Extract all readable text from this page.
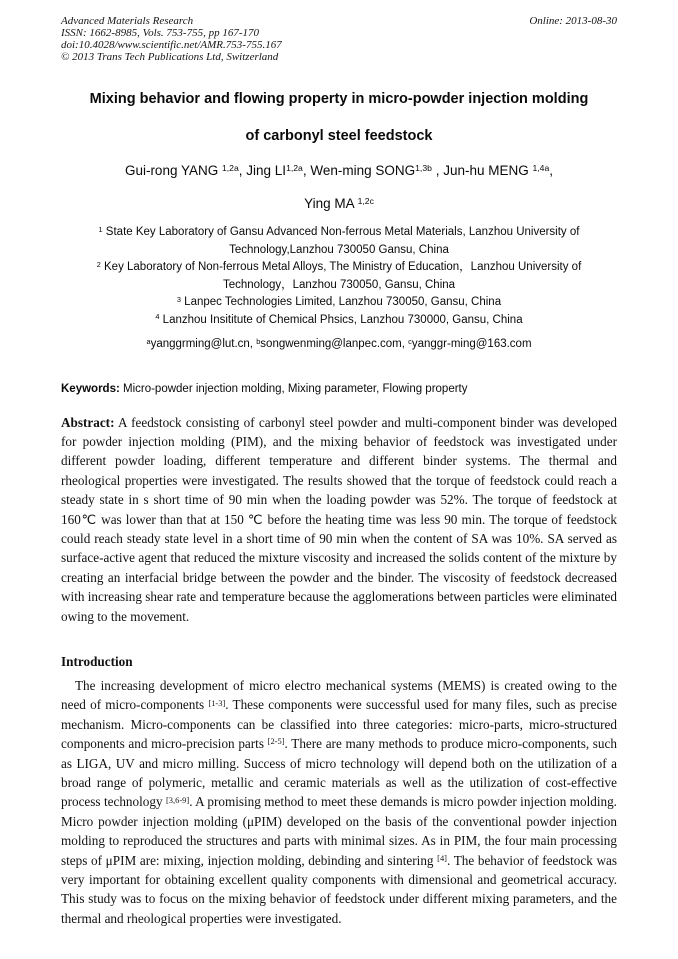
Advanced Materials Research
ISSN: 1662-8985, Vols. 753-755, pp 167-170
doi:10.4028/www.scientific.net/AMR.753-755.167
© 2013 Trans Tech Publications Ltd, Switzerland
Online: 2013-08-30
Mixing behavior and flowing property in micro-powder injection molding
of carbonyl steel feedstock
Gui-rong YANG $^{1,2a}$, Jing $LI^{1,2a}$, Wen-ming $SONG^{1,3b}$ , Jun-hu MENG $^{1,4a}$,
Ying MA $^{1,2c}$
$^1$ State Key Laboratory of Gansu Advanced Non-ferrous Metal Materials, Lanzhou University of Technology,Lanzhou 730050 Gansu, China
$^2$ Key Laboratory of Non-ferrous Metal Alloys, The Ministry of Education，Lanzhou University of Technology，Lanzhou 730050, Gansu, China
$^3$ Lanpec Technologies Limited, Lanzhou 730050, Gansu, China
$^4$ Lanzhou Insititute of Chemical Phsics, Lanzhou 730000, Gansu, China
$^a$yanggrming@lut.cn, $^b$songwenming@lanpec.com, $^c$yanggr-ming@163.com
Keywords: Micro-powder injection molding, Mixing parameter, Flowing property
Abstract: A feedstock consisting of carbonyl steel powder and multi-component binder was developed for powder injection molding (PIM), and the mixing behavior of feedstock was investigated under different powder loading, different temperature and different binder systems. The thermal and rheological properties were investigated. The results showed that the torque of feedstock could reach a steady state in s short time of 90 min when the loading powder was 52%. The torque of feedstock at 160℃ was lower than that at 150 ℃ before the heating time was less 90 min. The torque of feedstock could reach steady state level in a short time of 90 min when the content of SA was 10%. SA served as surface-active agent that reduced the mixture viscosity and increased the solids content of the mixture by creating an interfacial bridge between the powder and the binder. The viscosity of feedstock decreased with increasing shear rate and temperature because the agglomerations between particles were eliminated owing to the movement.
Introduction
The increasing development of micro electro mechanical systems (MEMS) is created owing to the need of micro-components [1-3]. These components were successful used for many files, such as precise mechanism. Micro-components can be classified into three categories: micro-parts, micro-structured components and micro-precision parts [2-5]. There are many methods to produce micro-components, such as LIGA, UV and micro milling. Success of micro technology will depend both on the utilization of a broad range of polymeric, metallic and ceramic materials as well as the utilization of cost-effective process technology [3,6-9]. A promising method to meet these demands is micro powder injection molding. Micro powder injection molding (μPIM) developed on the basis of the conventional powder injection molding to reproduced the structures and parts with minimal sizes. As in PIM, the four main processing steps of μPIM are: mixing, injection molding, debinding and sintering [4]. The behavior of feedstock was very important for obtaining excellent quality components with dimensional and geometrical accuracy. This study was to focus on the mixing behavior of feedstock under different mixing parameters, and the thermal and rheological properties were investigated.
